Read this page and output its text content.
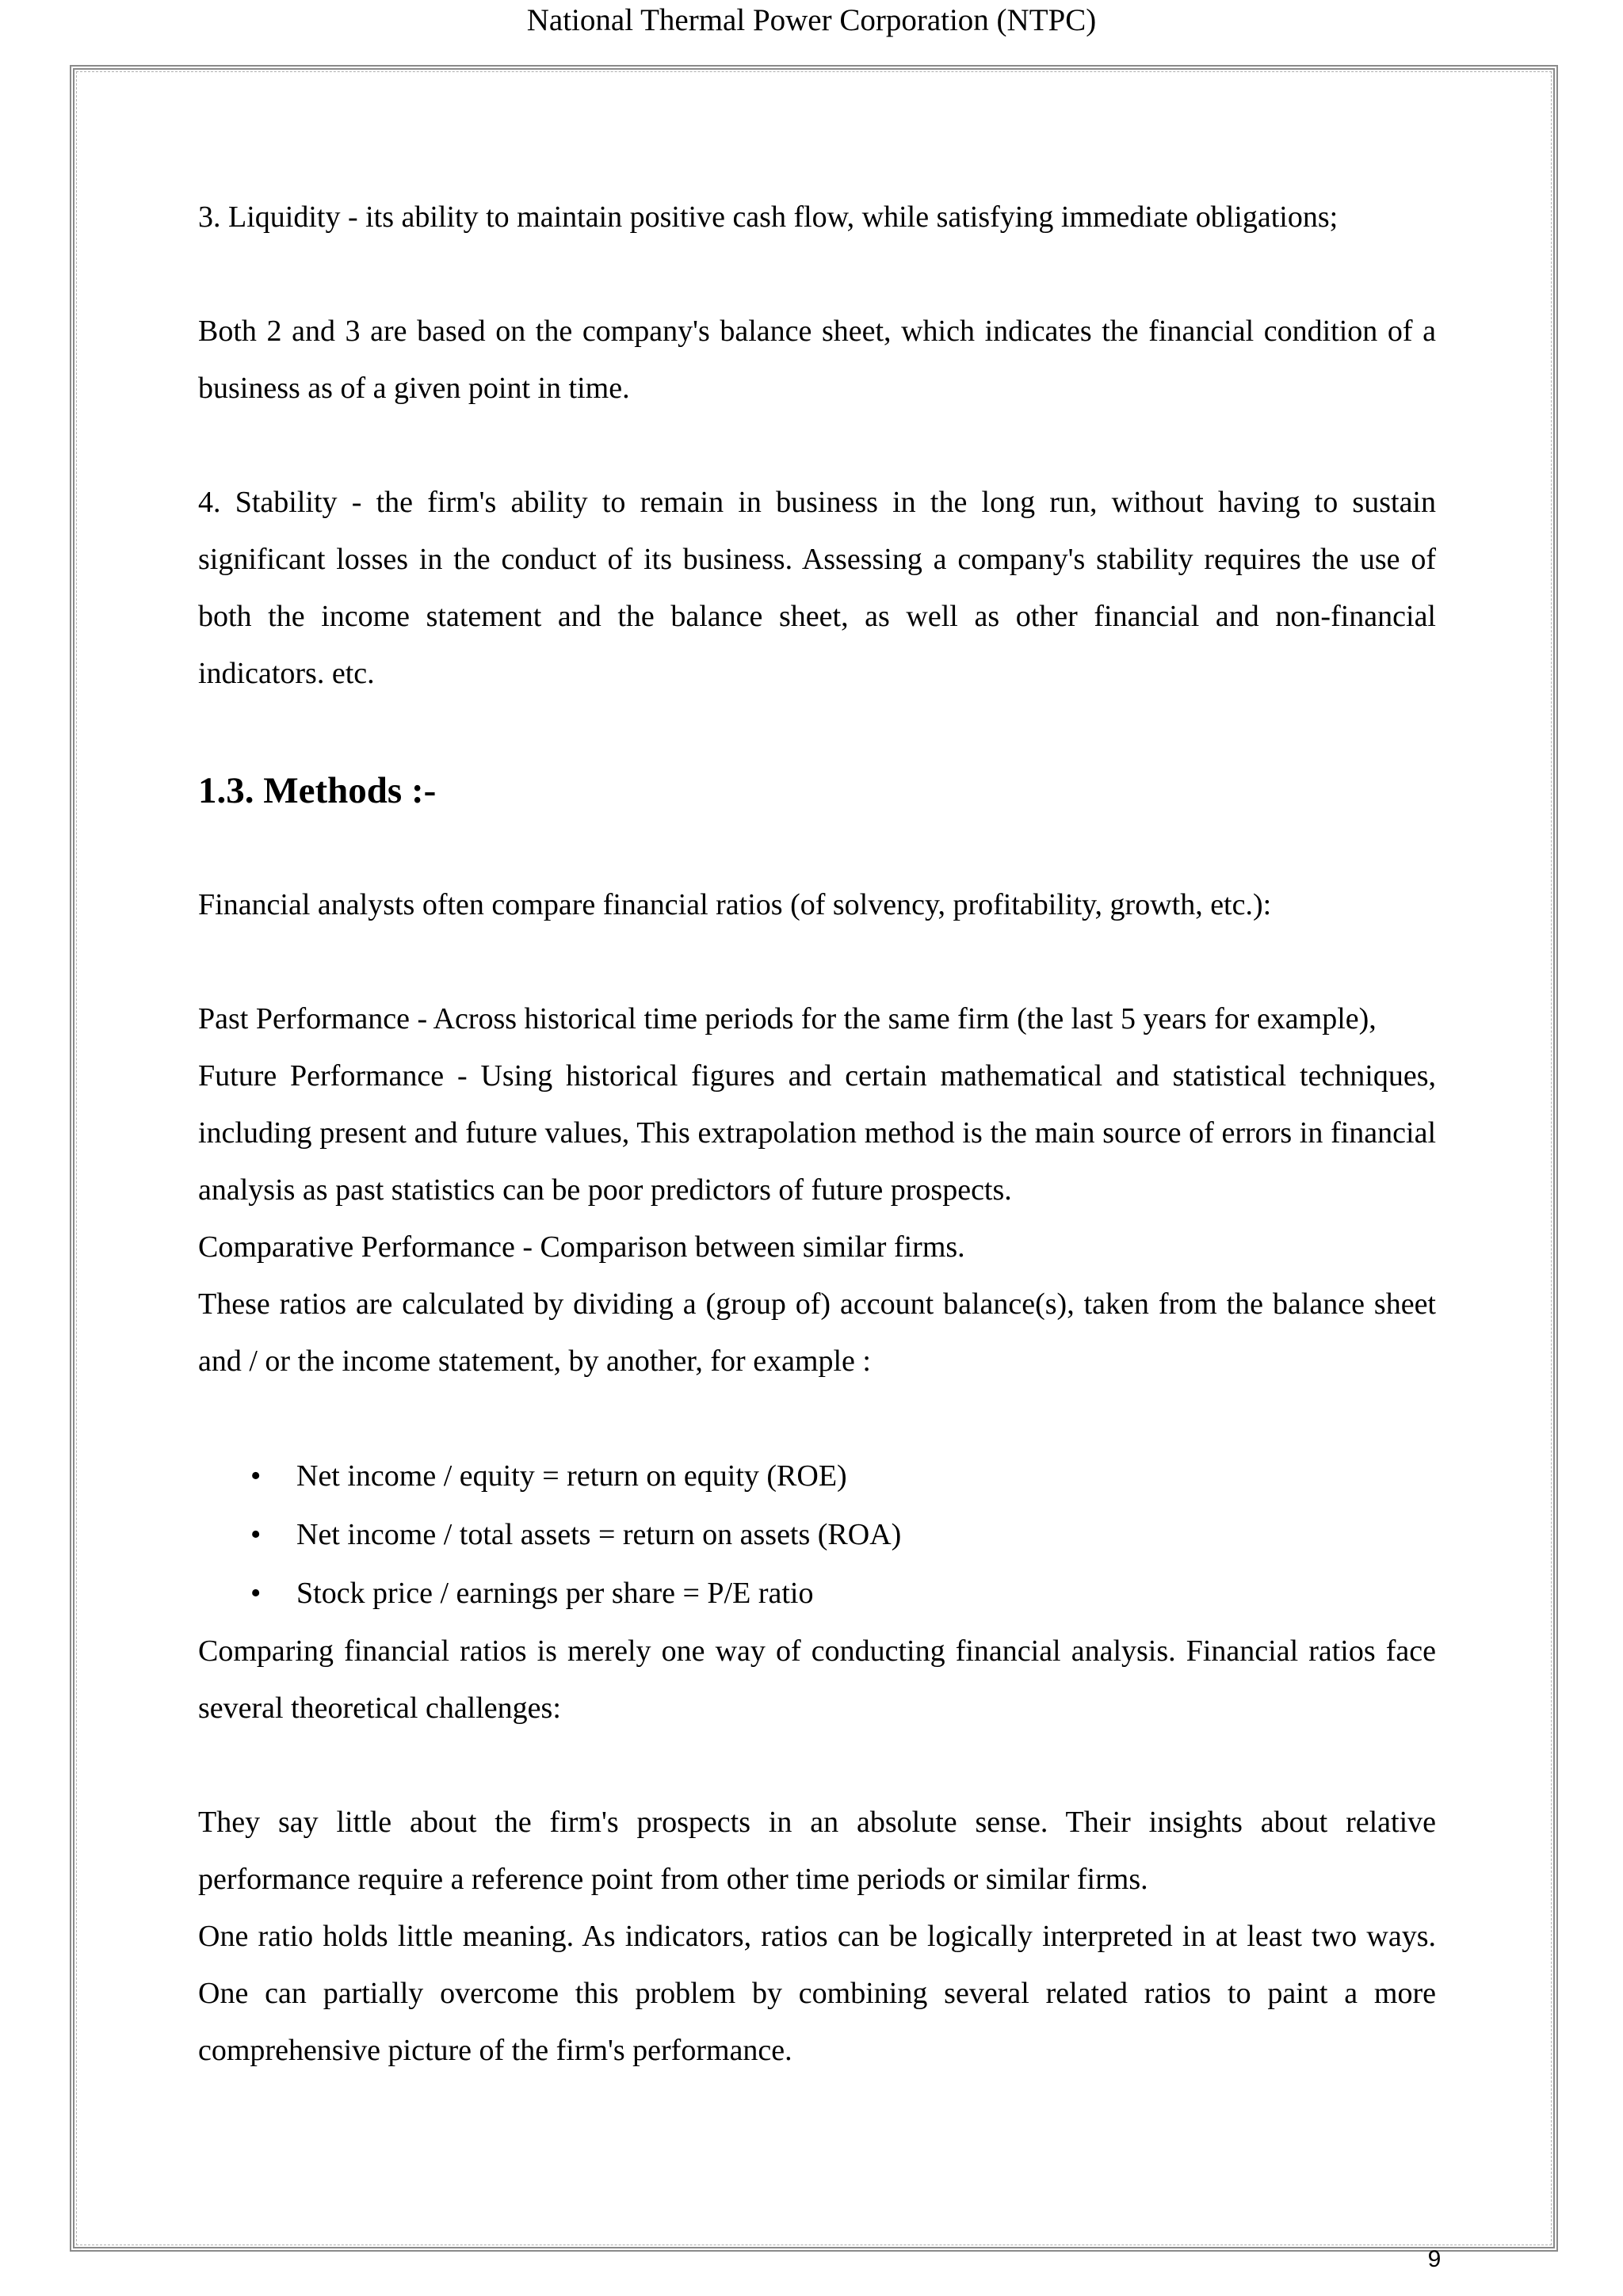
National Thermal Power Corporation (NTPC)

3. Liquidity - its ability to maintain positive cash flow, while satisfying immediate obligations;

Both 2 and 3 are based on the company's balance sheet, which indicates the financial condition of a business as of a given point in time.

4. Stability - the firm's ability to remain in business in the long run, without having to sustain significant losses in the conduct of its business. Assessing a company's stability requires the use of both the income statement and the balance sheet, as well as other financial and non-financial indicators. etc.

1.3. Methods :-

Financial analysts often compare financial ratios (of solvency, profitability, growth, etc.):

Past Performance - Across historical time periods for the same firm (the last 5 years for example),

Future Performance - Using historical figures and certain mathematical and statistical techniques, including present and future values, This extrapolation method is the main source of errors in financial analysis as past statistics can be poor predictors of future prospects.

Comparative Performance - Comparison between similar firms.

These ratios are calculated by dividing a (group of) account balance(s), taken from the balance sheet and / or the income statement, by another, for example :

• Net income / equity = return on equity (ROE)
• Net income / total assets = return on assets (ROA)
• Stock price / earnings per share = P/E ratio

Comparing financial ratios is merely one way of conducting financial analysis. Financial ratios face several theoretical challenges:

They say little about the firm's prospects in an absolute sense. Their insights about relative performance require a reference point from other time periods or similar firms.

One ratio holds little meaning. As indicators, ratios can be logically interpreted in at least two ways. One can partially overcome this problem by combining several related ratios to paint a more comprehensive picture of the firm's performance.

9
